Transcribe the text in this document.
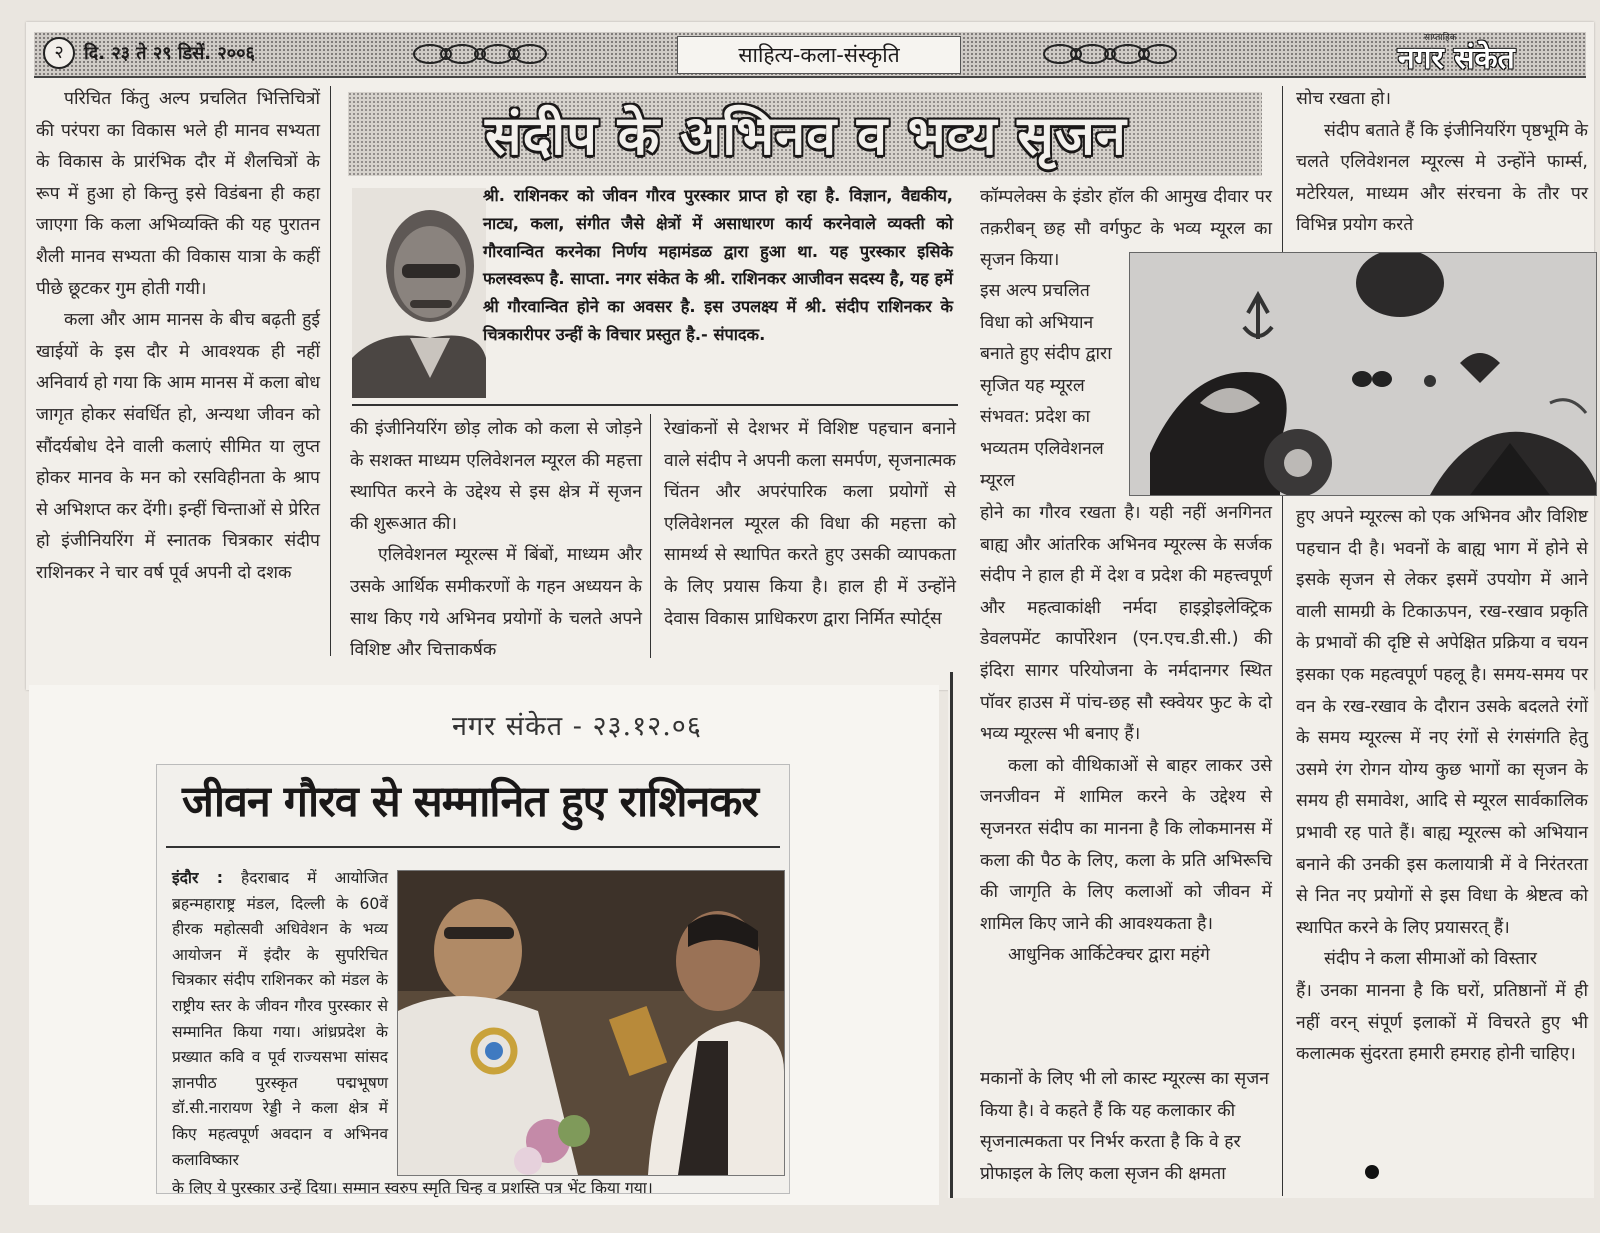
२	दि. २३ ते २९ डिसें. २००६	साहित्य-कला-संस्कृति
साप्ताहिक
नगर संकेत
संदीप के अभिनव व भव्य सृजन

परिचित किंतु अल्प प्रचलित भित्तिचित्रों की परंपरा का विकास भले ही मानव सभ्यता के विकास के प्रारंभिक दौर में शैलचित्रों के रूप में हुआ हो किन्तु इसे विडंबना ही कहा जाएगा कि कला अभिव्यक्ति की यह पुरातन शैली मानव सभ्यता की विकास यात्रा के कहीं पीछे छूटकर गुम होती गयी।

कला और आम मानस के बीच बढ़ती हुई खाईयों के इस दौर मे आवश्यक ही नहीं अनिवार्य हो गया कि आम मानस में कला बोध जागृत होकर संवर्धित हो, अन्यथा जीवन को सौंदर्यबोध देने वाली कलाएं सीमित या लुप्त होकर मानव के मन को रसविहीनता के श्राप से अभिशप्त कर देंगी। इन्हीं चिन्ताओं से प्रेरित हो इंजीनियरिंग में स्नातक चित्रकार संदीप राशिनकर ने चार वर्ष पूर्व अपनी दो दशक

श्री. राशिनकर को जीवन गौरव पुरस्कार प्राप्त हो रहा है. विज्ञान, वैद्यकीय, नाट्य, कला, संगीत जैसे क्षेत्रों में असाधारण कार्य करनेवाले व्यक्ती को गौरवान्वित करनेका निर्णय महामंडळ द्वारा हुआ था. यह पुरस्कार इसिके फलस्वरूप है. साप्ता. नगर संकेत के श्री. राशिनकर आजीवन सदस्य है, यह हमें श्री गौरवान्वित होने का अवसर है. इस उपलक्ष्य में श्री. संदीप राशिनकर के चित्रकारीपर उन्हीं के विचार प्रस्तुत है.- संपादक.

की इंजीनियरिंग छोड़ लोक को कला से जोड़ने के सशक्त माध्यम एलिवेशनल म्यूरल की महत्ता स्थापित करने के उद्देश्य से इस क्षेत्र में सृजन की शुरूआत की।

एलिवेशनल म्यूरल्स में बिंबों, माध्यम और उसके आर्थिक समीकरणों के गहन अध्ययन के साथ किए गये अभिनव प्रयोगों के चलते अपने विशिष्ट और चित्ताकर्षक

रेखांकनों से देशभर में विशिष्ट पहचान बनाने वाले संदीप ने अपनी कला समर्पण, सृजनात्मक चिंतन और अपरंपारिक कला प्रयोगों से एलिवेशनल म्यूरल की विधा की महत्ता को सामर्थ्य से स्थापित करते हुए उसकी व्यापकता के लिए प्रयास किया है। हाल ही में उन्होंने देवास विकास प्राधिकरण द्वारा निर्मित स्पोर्ट्स

कॉम्पलेक्स के इंडोर हॉल की आमुख दीवार पर तक़रीबन् छह सौ वर्गफुट के भव्य म्यूरल का सृजन किया।

इस अल्प प्रचलित विधा को अभियान बनाते हुए संदीप द्वारा सृजित यह म्यूरल संभवत: प्रदेश का भव्यतम एलिवेशनल म्यूरल

होने का गौरव रखता है। यही नहीं अनगिनत बाह्य और आंतरिक अभिनव म्यूरल्स के सर्जक संदीप ने हाल ही में देश व प्रदेश की महत्त्वपूर्ण और महत्वाकांक्षी नर्मदा हाइड्रोइलेक्ट्रिक डेवलपमेंट कार्पोरेशन (एन.एच.डी.सी.) की इंदिरा सागर परियोजना के नर्मदानगर स्थित पॉवर हाउस में पांच-छह सौ स्क्वेयर फुट के दो भव्य म्यूरल्स भी बनाए हैं।

कला को वीथिकाओं से बाहर लाकर उसे जनजीवन में शामिल करने के उद्देश्य से सृजनरत संदीप का मानना है कि लोकमानस में कला की पैठ के लिए, कला के प्रति अभिरूचि की जागृति के लिए कलाओं को जीवन में शामिल किए जाने की आवश्यकता है।

आधुनिक आर्किटेक्चर द्वारा महंगे

मकानों के लिए भी लो कास्ट म्यूरल्स का सृजन किया है। वे कहते हैं कि यह कलाकार की सृजनात्मकता पर निर्भर करता है कि वे हर प्रोफाइल के लिए कला सृजन की क्षमता

सोच रखता हो।

संदीप बताते हैं कि इंजीनियरिंग पृष्ठभूमि के चलते एलिवेशनल म्यूरल्स मे उन्होंने फार्म्स, मटेरियल, माध्यम और संरचना के तौर पर विभिन्न प्रयोग करते

हुए अपने म्यूरल्स को एक अभिनव और विशिष्ट पहचान दी है। भवनों के बाह्य भाग में होने से इसके सृजन से लेकर इसमें उपयोग में आने वाली सामग्री के टिकाऊपन, रख-रखाव प्रकृति के प्रभावों की दृष्टि से अपेक्षित प्रक्रिया व चयन इसका एक महत्वपूर्ण पहलू है। समय-समय पर वन के रख-रखाव के दौरान उसके बदलते रंगों के समय म्यूरल्स में नए रंगों से रंगसंगति हेतु उसमे रंग रोगन योग्य कुछ भागों का सृजन के समय ही समावेश, आदि से म्यूरल सार्वकालिक प्रभावी रह पाते हैं। बाह्य म्यूरल्स को अभियान बनाने की उनकी इस कलायात्री में वे निरंतरता से नित नए प्रयोगों से इस विधा के श्रेष्टत्व को स्थापित करने के लिए प्रयासरत् हैं।

संदीप ने कला सीमाओं को विस्तार

हैं। उनका मानना है कि घरों, प्रतिष्ठानों में ही नहीं वरन् संपूर्ण इलाकों में विचरते हुए भी कलात्मक सुंदरता हमारी हमराह होनी चाहिए।

नगर संकेत - २३.१२.०६
जीवन गौरव से सम्मानित हुए राशिनकर

इंदौर : हैदराबाद में आयोजित ब्रहन्महाराष्ट्र मंडल, दिल्ली के 60वें हीरक महोत्सवी अधिवेशन के भव्य आयोजन में इंदौर के सुपरिचित चित्रकार संदीप राशिनकर को मंडल के राष्ट्रीय स्तर के जीवन गौरव पुरस्कार से सम्मानित किया गया। आंध्रप्रदेश के प्रख्यात कवि व पूर्व राज्यसभा सांसद ज्ञानपीठ पुरस्कृत पद्मभूषण डॉ.सी.नारायण रेड्डी ने कला क्षेत्र में किए महत्वपूर्ण अवदान व अभिनव कलाविष्कार

के लिए ये पुरस्कार उन्हें दिया। सम्मान स्वरुप स्मृति चिन्ह व प्रशस्ति पत्र भेंट किया गया।
